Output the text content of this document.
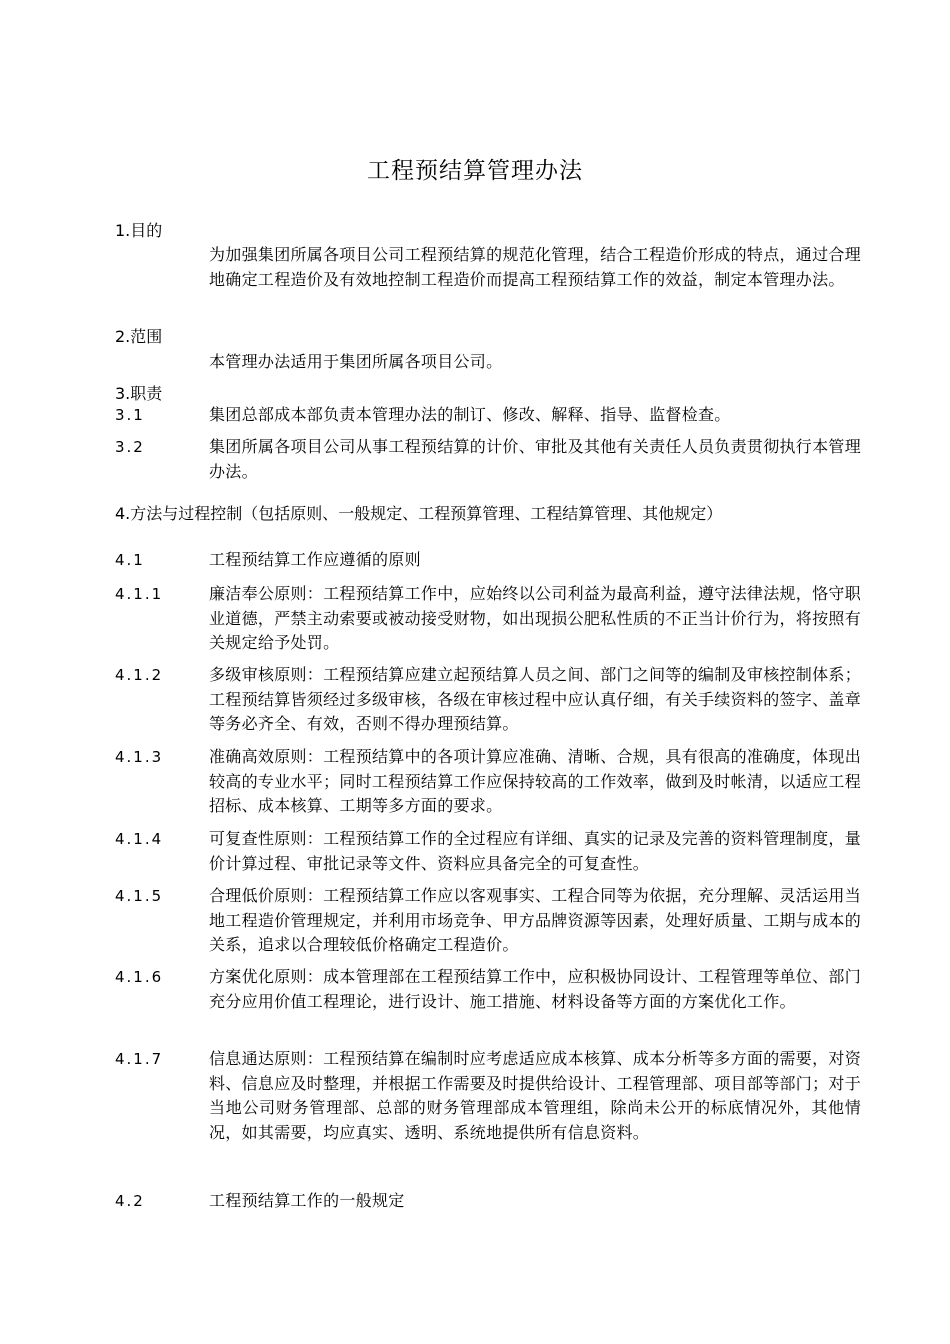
工程预结算管理办法
1.目的
为加强集团所属各项目公司工程预结算的规范化管理，结合工程造价形成的特点，通过合理地确定工程造价及有效地控制工程造价而提高工程预结算工作的效益，制定本管理办法。
2.范围
本管理办法适用于集团所属各项目公司。
3.职责
3.1	集团总部成本部负责本管理办法的制订、修改、解释、指导、监督检查。
3.2	集团所属各项目公司从事工程预结算的计价、审批及其他有关责任人员负责贯彻执行本管理办法。
4.方法与过程控制（包括原则、一般规定、工程预算管理、工程结算管理、其他规定）
4.1	工程预结算工作应遵循的原则
4.1.1	廉洁奉公原则：工程预结算工作中，应始终以公司利益为最高利益，遵守法律法规，恪守职业道德，严禁主动索要或被动接受财物，如出现损公肥私性质的不正当计价行为，将按照有关规定给予处罚。
4.1.2	多级审核原则：工程预结算应建立起预结算人员之间、部门之间等的编制及审核控制体系；工程预结算皆须经过多级审核，各级在审核过程中应认真仔细，有关手续资料的签字、盖章等务必齐全、有效，否则不得办理预结算。
4.1.3	准确高效原则：工程预结算中的各项计算应准确、清晰、合规，具有很高的准确度，体现出较高的专业水平；同时工程预结算工作应保持较高的工作效率，做到及时帐清，以适应工程招标、成本核算、工期等多方面的要求。
4.1.4	可复查性原则：工程预结算工作的全过程应有详细、真实的记录及完善的资料管理制度，量价计算过程、审批记录等文件、资料应具备完全的可复查性。
4.1.5	合理低价原则：工程预结算工作应以客观事实、工程合同等为依据，充分理解、灵活运用当地工程造价管理规定，并利用市场竞争、甲方品牌资源等因素，处理好质量、工期与成本的关系，追求以合理较低价格确定工程造价。
4.1.6	方案优化原则：成本管理部在工程预结算工作中，应积极协同设计、工程管理等单位、部门充分应用价值工程理论，进行设计、施工措施、材料设备等方面的方案优化工作。
4.1.7	信息通达原则：工程预结算在编制时应考虑适应成本核算、成本分析等多方面的需要，对资料、信息应及时整理，并根据工作需要及时提供给设计、工程管理部、项目部等部门；对于当地公司财务管理部、总部的财务管理部成本管理组，除尚未公开的标底情况外，其他情况，如其需要，均应真实、透明、系统地提供所有信息资料。
4.2	工程预结算工作的一般规定
